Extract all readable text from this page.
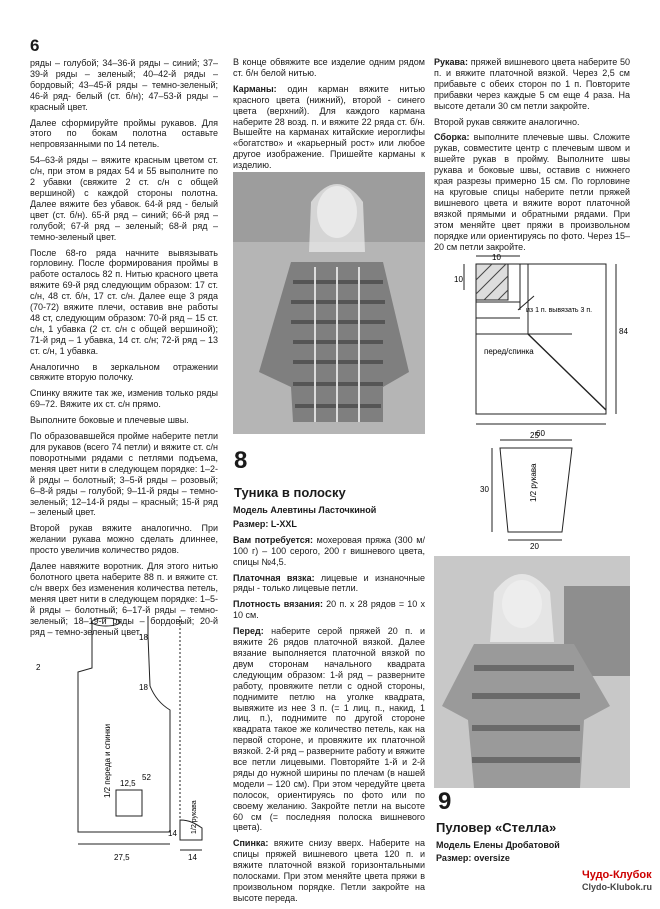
6

ряды – голубой; 34–36-й ряды – синий; 37–39-й ряды – зеленый; 40–42-й ряды – бордовый; 43–45-й ряды – темно-зеленый; 46-й ряд- белый (ст. б/н); 47–53-й ряды – красный цвет.

Далее сформируйте проймы рукавов. Для этого по бокам полотна оставьте непровязанными по 14 петель.

54–63-й ряды – вяжите красным цветом ст. с/н, при этом в рядах 54 и 55 выполните по 2 убавки (свяжите 2 ст. с/н с общей вершиной) с каждой стороны полотна. Далее вяжите без убавок. 64-й ряд - белый цвет (ст. б/н). 65-й ряд – синий; 66-й ряд – голубой; 67-й ряд – зеленый; 68-й ряд – темно-зеленый цвет.

После 68-го ряда начните вывязывать горловину. После формирования проймы в работе осталось 82 п. Нитью красного цвета вяжите 69-й ряд следующим образом: 17 ст. с/н, 48 ст. б/н, 17 ст. с/н. Далее еще 3 ряда (70-72) вяжите плечи, оставив вне работы 48 ст, следующим образом: 70-й ряд – 15 ст. с/н, 1 убавка (2 ст. с/н с общей вершиной); 71-й ряд – 1 убавка, 14 ст. с/н; 72-й ряд – 13 ст. с/н, 1 убавка.

Аналогично в зеркальном отражении свяжите вторую полочку.

Спинку вяжите так же, изменив только ряды 69–72. Вяжите их ст. с/н прямо.

Выполните боковые и плечевые швы.

По образовавшейся пройме наберите петли для рукавов (всего 74 петли) и вяжите ст. с/н поворотными рядами с петлями подъема, меняя цвет нити в следующем порядке: 1–2-й ряды – болотный; 3–5-й ряды – розовый; 6–8-й ряды – голубой; 9–11-й ряды – темно-зеленый; 12–14-й ряды – красный; 15-й ряд – зеленый цвет.

Второй рукав вяжите аналогично. При желании рукава можно сделать длиннее, просто увеличив количество рядов.

Далее навяжите воротник. Для этого нитью болотного цвета наберите 88 п. и вяжите ст. с/н вверх без изменения количества петель, меняя цвет нити в следующем порядке: 1–5-й ряды – болотный; 6–17-й ряды – темно-зеленый; 18–19-й ряды – бордовый; 20-й ряд – темно-зеленый цвет.

18
18
52
12,5
27,5
2
14
14
1/2 переда и спинки
1/2 рукава

В конце обвяжите все изделие одним рядом ст. б/н белой нитью.

Карманы: один карман вяжите нитью красного цвета (нижний), второй - синего цвета (верхний). Для каждого кармана наберите 28 возд. п. и вяжите 22 ряда ст. б/н. Вышейте на карманах китайские иероглифы «богатство» и «карьерный рост» или любое другое изображение. Пришейте карманы к изделию.

8
Туника в полоску

Модель Алевтины Ласточкиной

Размер: L-XXL

Вам потребуется: мохеровая пряжа (300 м/ 100 г) – 100 серого, 200 г вишневого цвета, спицы №4,5.

Платочная вязка: лицевые и изнаночные ряды - только лицевые петли.

Плотность вязания: 20 п. х 28 рядов = 10 х 10 см.

Перед: наберите серой пряжей 20 п. и вяжите 26 рядов платочной вязкой. Далее вязание выполняется платочной вязкой по двум сторонам начального квадрата следующим образом: 1-й ряд – разверните работу, провяжите петли с одной стороны, поднимите петлю на уголке квадрата, вывяжите из нее 3 п. (= 1 лиц. п., накид, 1 лиц. п.), поднимите по другой стороне квадрата такое же количество петель, как на первой стороне, и провяжите их платочной вязкой. 2-й ряд – разверните работу и вяжите все петли лицевыми. Повторяйте 1-й и 2-й ряды до нужной ширины по плечам (в нашей модели – 120 см). При этом чередуйте цвета полосок, ориентируясь по фото или по своему желанию. Закройте петли на высоте 60 см (= последняя полоска вишневого цвета).

Спинка: вяжите снизу вверх. Наберите на спицы пряжей вишневого цвета 120 п. и вяжите платочной вязкой горизонтальными полосками. При этом меняйте цвета пряжи в произвольном порядке. Петли закройте на высоте переда.

Рукава: пряжей вишневого цвета наберите 50 п. и вяжите платочной вязкой. Через 2,5 см прибавьте с обеих сторон по 1 п. Повторите прибавки через каждые 5 см еще 4 раза. На высоте детали 30 см петли закройте.

Второй рукав свяжите аналогично.

Сборка: выполните плечевые швы. Сложите рукав, совместите центр с плечевым швом и вшейте рукав в пройму. Выполните швы рукава и боковые швы, оставив с нижнего края разрезы примерно 15 см. По горловине на круговые спицы наберите петли пряжей вишневого цвета и вяжите ворот платочной вязкой прямыми и обратными рядами. При этом меняйте цвет пряжи в произвольном порядке или ориентируясь по фото. Через 15–20 см петли закройте.

10
10
84
60
из 1 п. вывязать 3 п.
перед/спинка
25
30
20
1/2 рукава
9
Пуловер «Стелла»

Модель Елены Дробатовой

Размер: oversize

Чудо-Клубок
Clydo-Klubok.ru
